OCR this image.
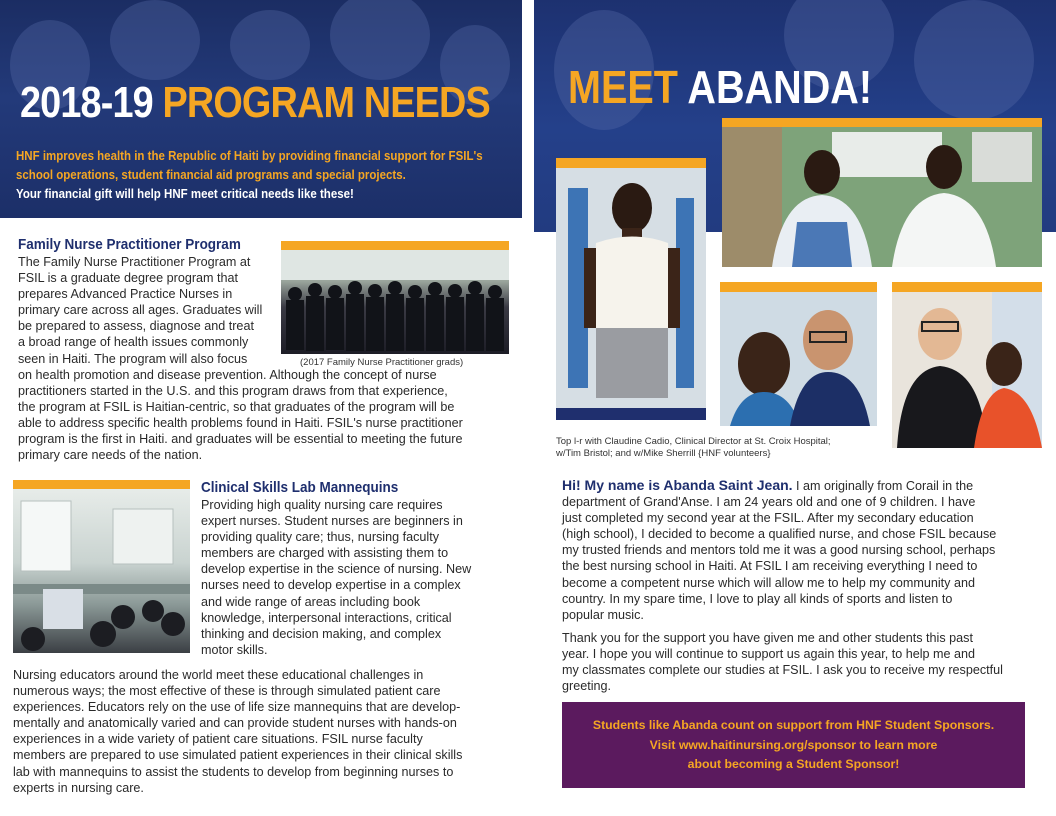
2018-19 PROGRAM NEEDS
HNF improves health in the Republic of Haiti by providing financial support for FSIL's school operations, student financial aid programs and special projects.
Your financial gift will help HNF meet critical needs like these!
Family Nurse Practitioner Program
The Family Nurse Practitioner Program at
FSIL is a graduate degree program that
prepares Advanced Practice Nurses in
primary care across all ages. Graduates will
be prepared to assess, diagnose and treat
a broad range of health issues commonly
seen in Haiti. The program will also focus
on health promotion and disease prevention. Although the concept of nurse
practitioners started in the U.S. and this program draws from that experience,
the program at FSIL is Haitian-centric, so that graduates of the program will be
able to address specific health problems found in Haiti. FSIL's nurse practitioner
program is the first in Haiti. and graduates will be essential to meeting the future
primary care needs of the nation.
(2017 Family Nurse Practitioner grads)
Clinical Skills Lab Mannequins
Providing high quality nursing care requires
expert nurses. Student nurses are beginners in
providing quality care; thus, nursing faculty
members are charged with assisting them to
develop expertise in the science of nursing. New
nurses need to develop expertise in a complex
and wide range of areas including book
knowledge, interpersonal interactions, critical
thinking and decision making, and complex
motor skills.
Nursing educators around the world meet these educational challenges in
numerous ways; the most effective of these is through simulated patient care
experiences. Educators rely on the use of life size mannequins that are develop-
mentally and anatomically varied and can provide student nurses with hands-on
experiences in a wide variety of patient care situations. FSIL nurse faculty
members are prepared to use simulated patient experiences in their clinical skills
lab with mannequins to assist the students to develop from beginning nurses to
experts in nursing care.
MEET ABANDA!
Top l-r with Claudine Cadio, Clinical Director at St. Croix Hospital;
w/Tim Bristol; and w/Mike Sherrill {HNF volunteers}
Hi! My name is Abanda Saint Jean. I am originally from Corail in the
department of Grand'Anse. I am 24 years old and one of 9 children. I have
just completed my second year at the FSIL. After my secondary education
(high school), I decided to become a qualified nurse, and chose FSIL because
my trusted friends and mentors told me it was a good nursing school, perhaps
the best nursing school in Haiti. At FSIL I am receiving everything I need to
become a competent nurse which will allow me to help my community and
country. In my spare time, I love to play all kinds of sports and listen to
popular music.
Thank you for the support you have given me and other students this past
year. I hope you will continue to support us again this year, to help me and
my classmates complete our studies at FSIL. I ask you to receive my respectful
greeting.
Students like Abanda count on support from HNF Student Sponsors.
Visit www.haitinursing.org/sponsor to learn more
about becoming a Student Sponsor!
